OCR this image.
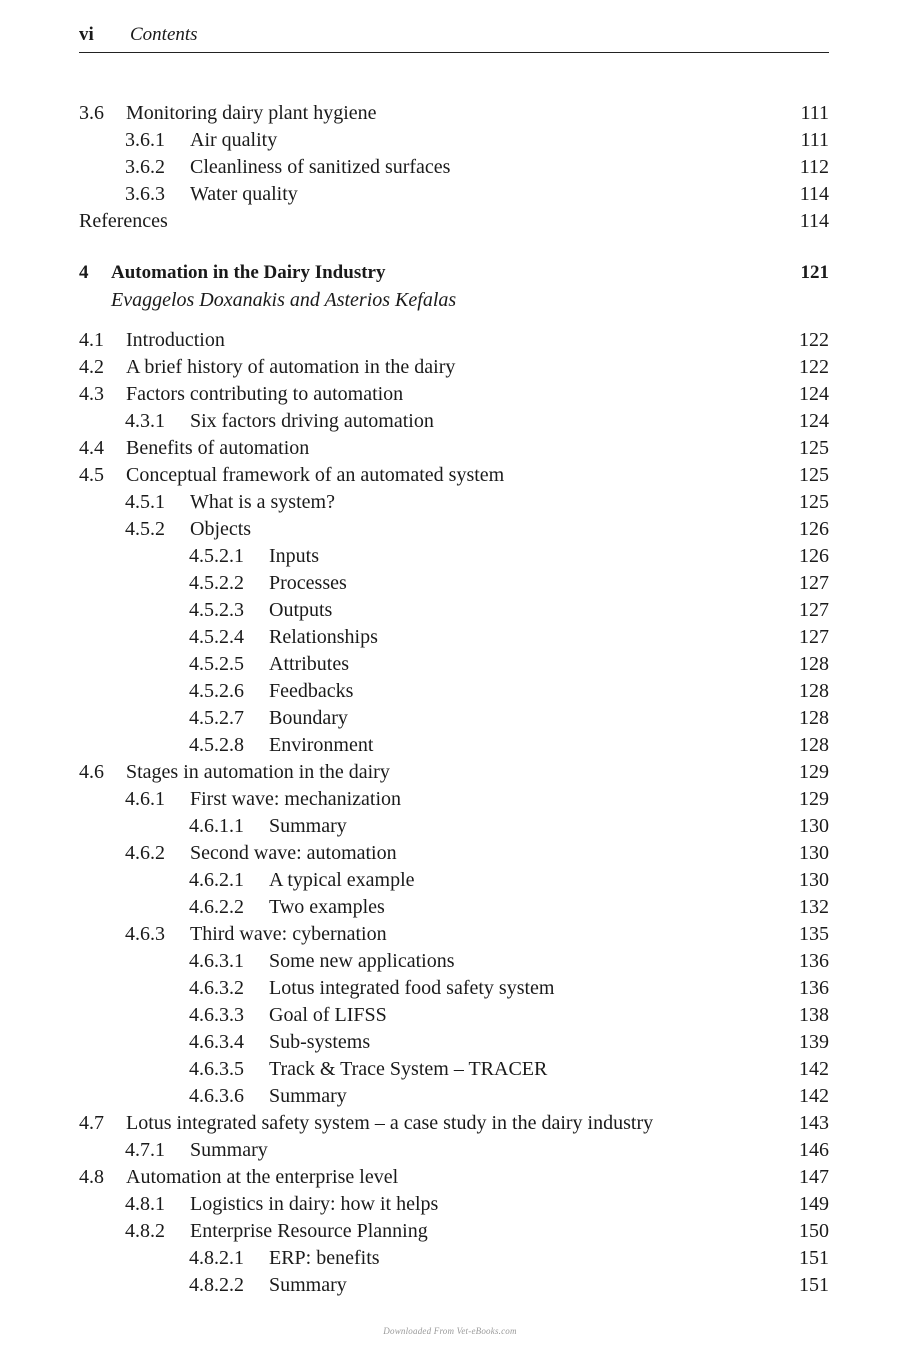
vi Contents
3.6 Monitoring dairy plant hygiene	111
3.6.1 Air quality	111
3.6.2 Cleanliness of sanitized surfaces	112
3.6.3 Water quality	114
References	114
4 Automation in the Dairy Industry	121
Evaggelos Doxanakis and Asterios Kefalas
4.1 Introduction	122
4.2 A brief history of automation in the dairy	122
4.3 Factors contributing to automation	124
4.3.1 Six factors driving automation	124
4.4 Benefits of automation	125
4.5 Conceptual framework of an automated system	125
4.5.1 What is a system?	125
4.5.2 Objects	126
4.5.2.1 Inputs	126
4.5.2.2 Processes	127
4.5.2.3 Outputs	127
4.5.2.4 Relationships	127
4.5.2.5 Attributes	128
4.5.2.6 Feedbacks	128
4.5.2.7 Boundary	128
4.5.2.8 Environment	128
4.6 Stages in automation in the dairy	129
4.6.1 First wave: mechanization	129
4.6.1.1 Summary	130
4.6.2 Second wave: automation	130
4.6.2.1 A typical example	130
4.6.2.2 Two examples	132
4.6.3 Third wave: cybernation	135
4.6.3.1 Some new applications	136
4.6.3.2 Lotus integrated food safety system	136
4.6.3.3 Goal of LIFSS	138
4.6.3.4 Sub-systems	139
4.6.3.5 Track & Trace System – TRACER	142
4.6.3.6 Summary	142
4.7 Lotus integrated safety system – a case study in the dairy industry	143
4.7.1 Summary	146
4.8 Automation at the enterprise level	147
4.8.1 Logistics in dairy: how it helps	149
4.8.2 Enterprise Resource Planning	150
4.8.2.1 ERP: benefits	151
4.8.2.2 Summary	151
Downloaded From Vet-eBooks.com
